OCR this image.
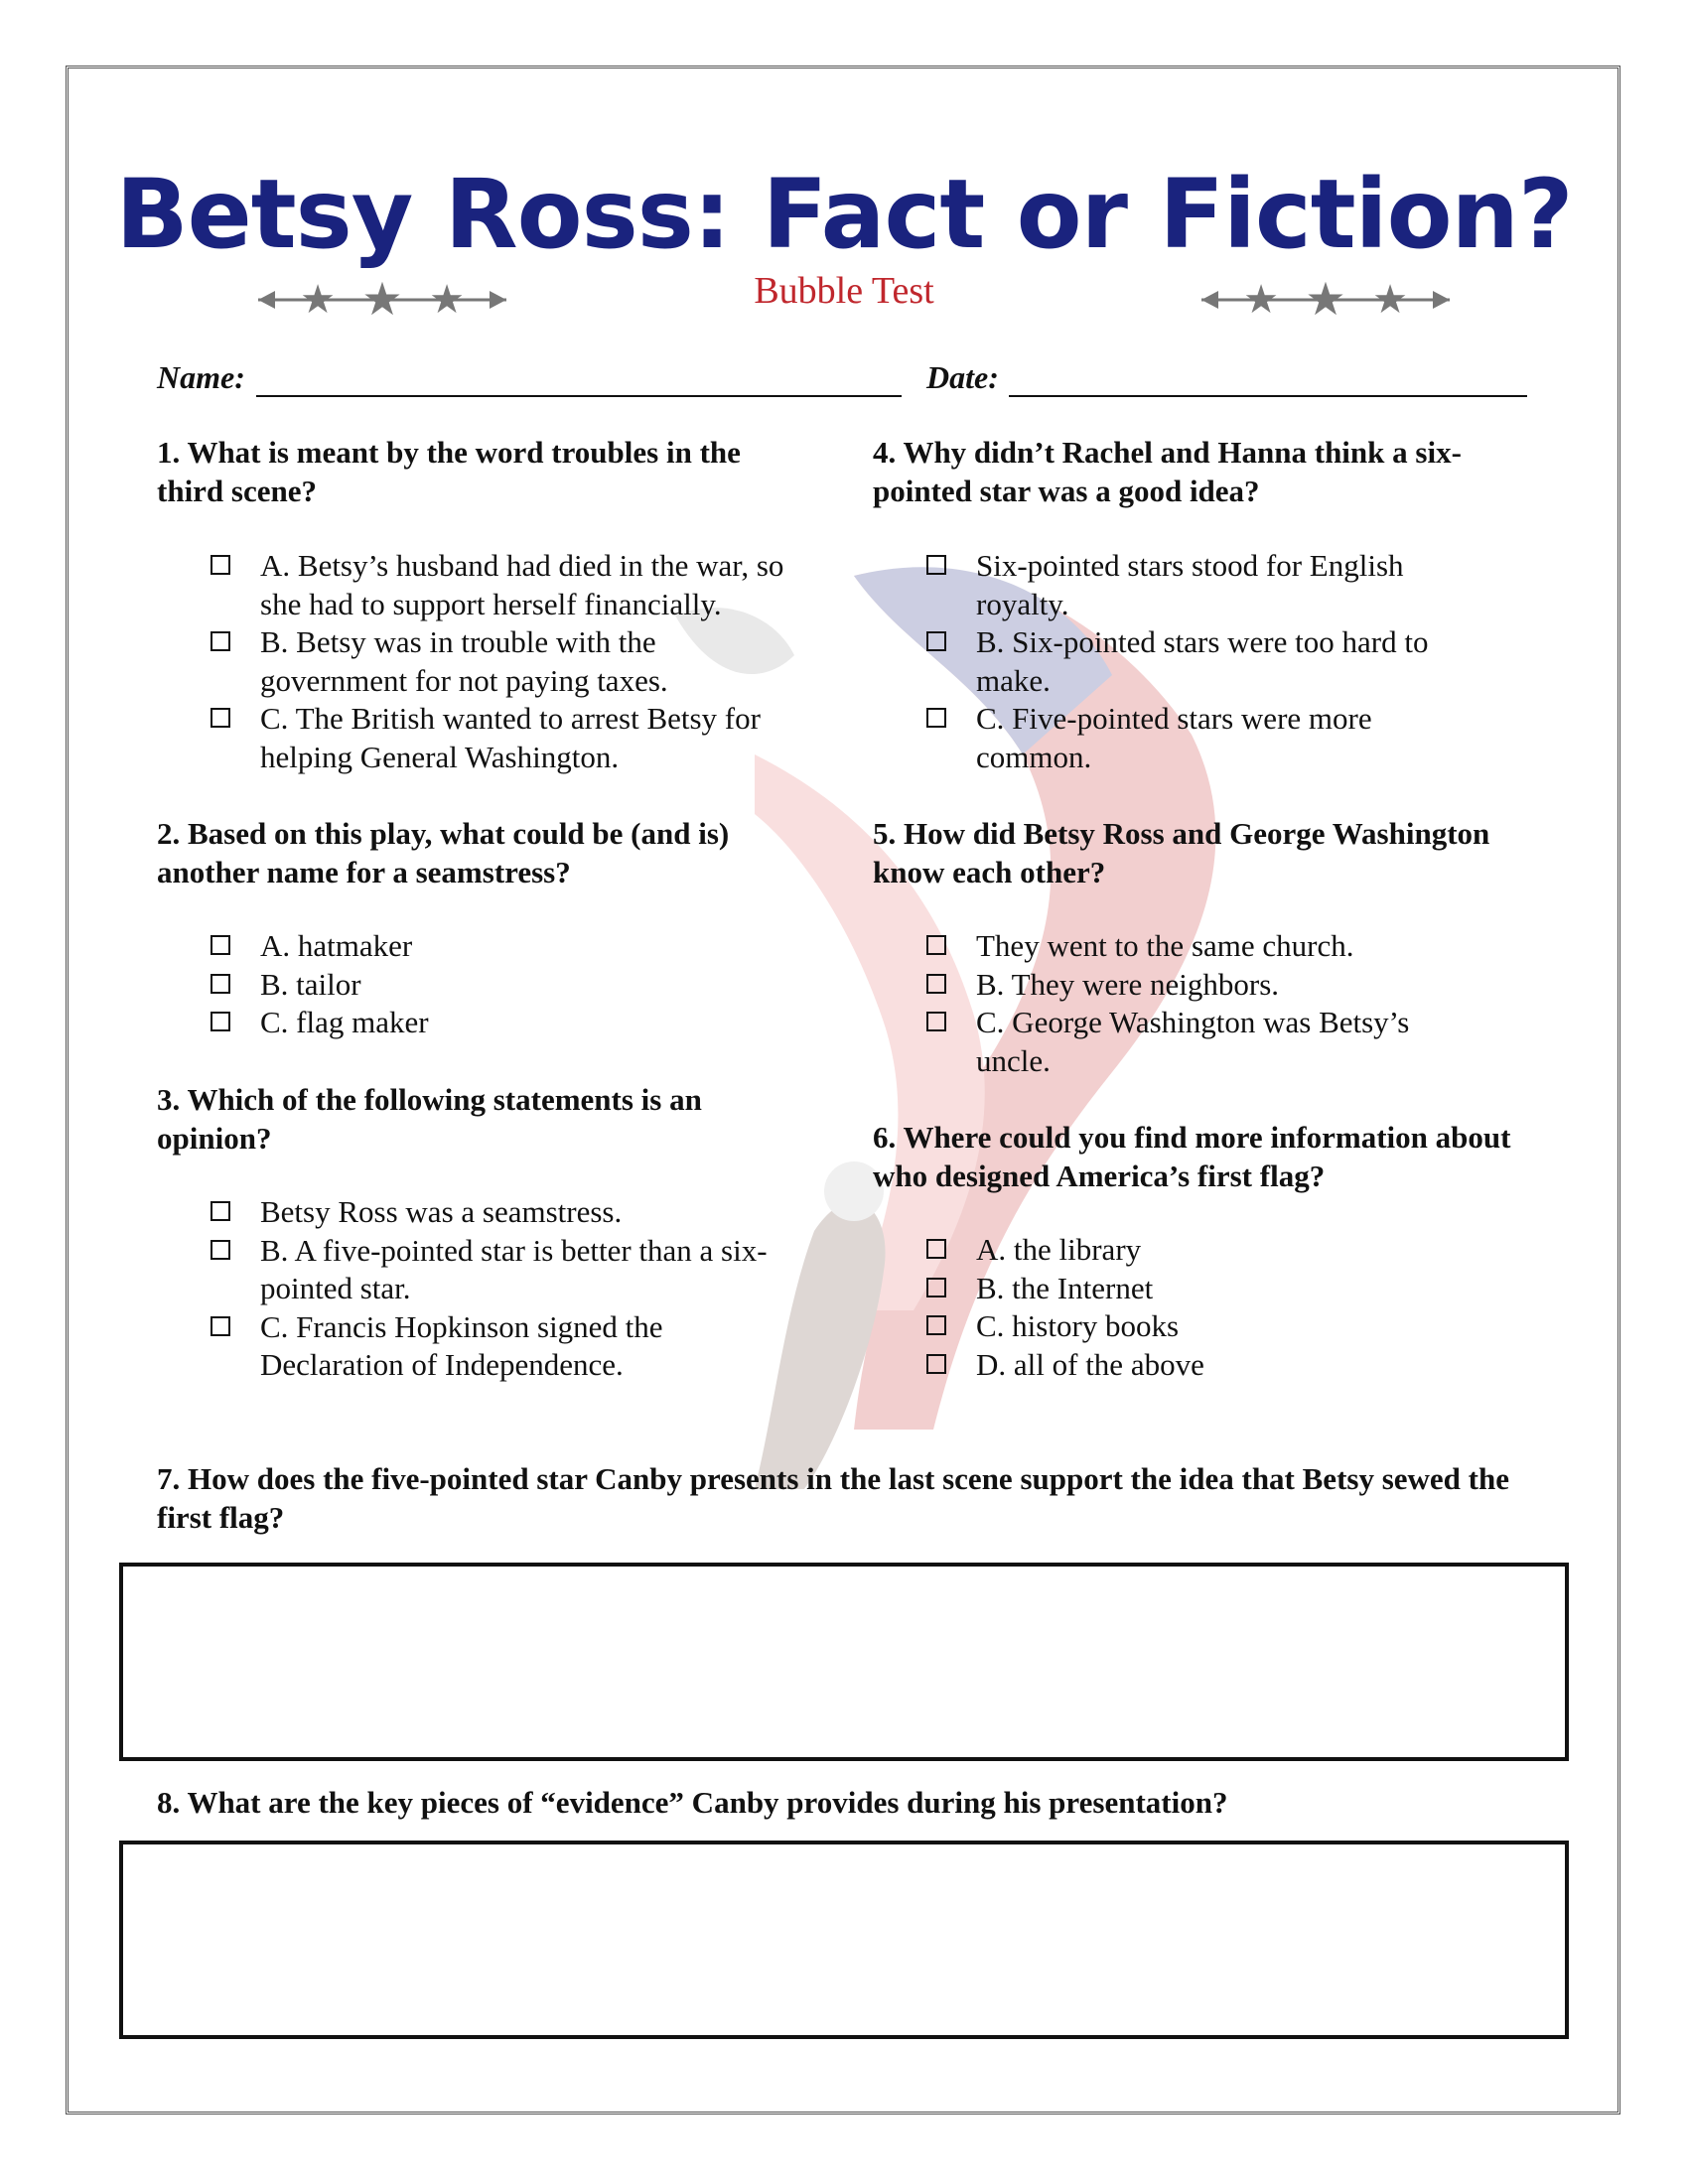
Betsy Ross: Fact or Fiction?
★ ★ ★	Bubble Test	★ ★ ★
Name:	Date:
1. What is meant by the word troubles in the third scene?
A. Betsy’s husband had died in the war, so she had to support herself financially.
B. Betsy was in trouble with the government for not paying taxes.
C. The British wanted to arrest Betsy for helping General Washington.
2. Based on this play, what could be (and is) another name for a seamstress?
A. hatmaker
B. tailor
C. flag maker
3. Which of the following statements is an opinion?
Betsy Ross was a seamstress.
B. A five-pointed star is better than a six-pointed star.
C. Francis Hopkinson signed the Declaration of Independence.
4. Why didn’t Rachel and Hanna think a six-pointed star was a good idea?
Six-pointed stars stood for English royalty.
B. Six-pointed stars were too hard to make.
C. Five-pointed stars were more common.
5. How did Betsy Ross and George Washington know each other?
They went to the same church.
B. They were neighbors.
C. George Washington was Betsy’s uncle.
6. Where could you find more information about who designed America’s first flag?
A. the library
B. the Internet
C. history books
D. all of the above
7. How does the five-pointed star Canby presents in the last scene support the idea that Betsy sewed the first flag?
8. What are the key pieces of “evidence” Canby provides during his presentation?
